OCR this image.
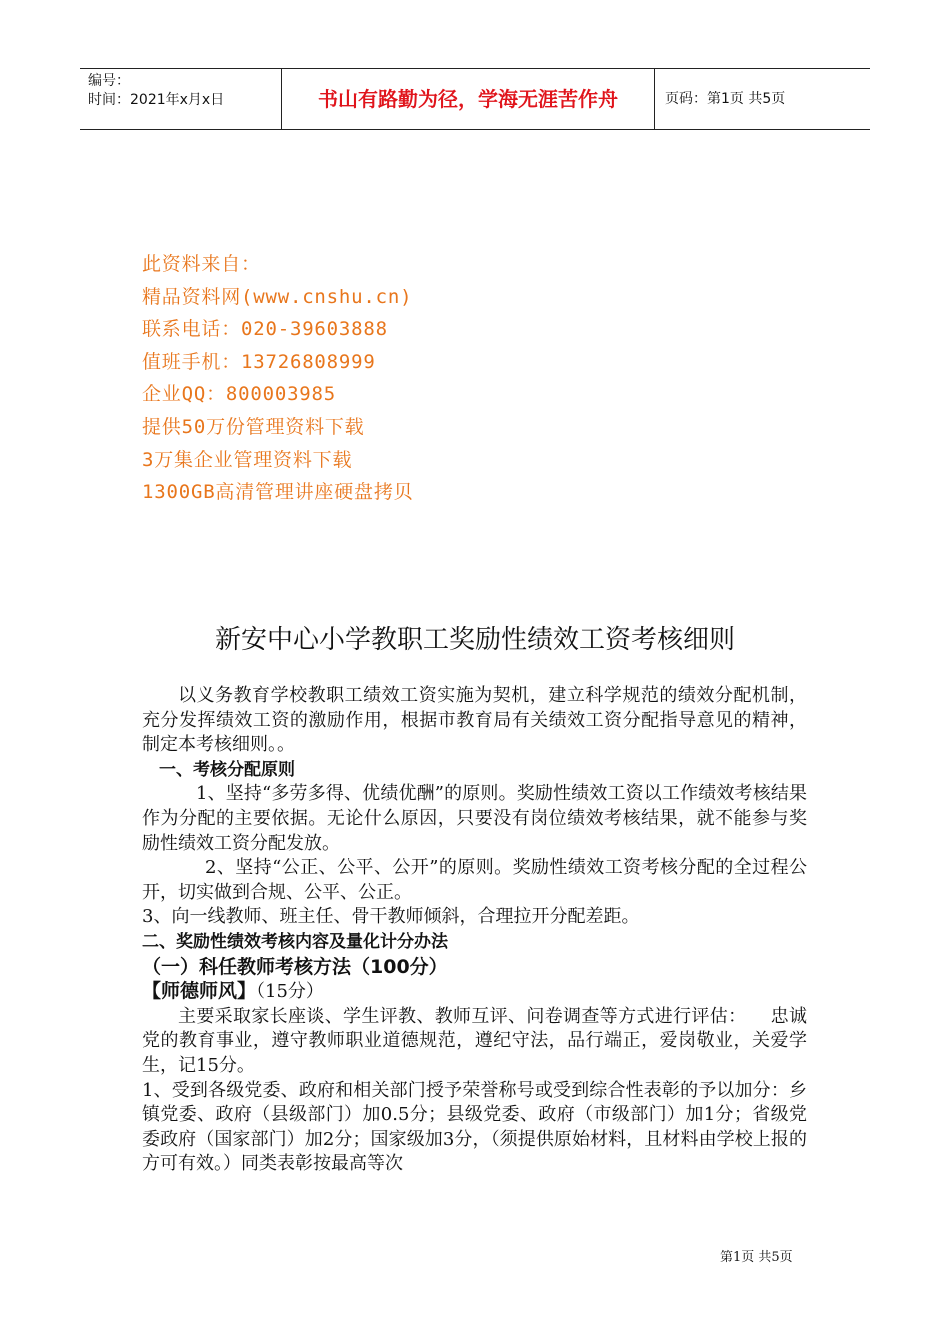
编号：
时间：2021年x月x日	书山有路勤为径，学海无涯苦作舟	页码：第1页 共5页
此资料来自：
精品资料网(www.cnshu.cn)
联系电话：020-39603888
值班手机：13726808999
企业QQ：800003985
提供50万份管理资料下载
3万集企业管理资料下载
1300GB高清管理讲座硬盘拷贝
新安中心小学教职工奖励性绩效工资考核细则

以义务教育学校教职工绩效工资实施为契机，建立科学规范的绩效分配机制，充分发挥绩效工资的激励作用，根据市教育局有关绩效工资分配指导意见的精神，制定本考核细则。。

一、考核分配原则

1、坚持“多劳多得、优绩优酬”的原则。奖励性绩效工资以工作绩效考核结果作为分配的主要依据。无论什么原因，只要没有岗位绩效考核结果，就不能参与奖励性绩效工资分配发放。

2、坚持“公正、公平、公开”的原则。奖励性绩效工资考核分配的全过程公开，切实做到合规、公平、公正。

3、向一线教师、班主任、骨干教师倾斜，合理拉开分配差距。

二、奖励性绩效考核内容及量化计分办法

（一）科任教师考核方法（100分）

【师德师风】（15分）

主要采取家长座谈、学生评教、教师互评、问卷调查等方式进行评估： 忠诚党的教育事业，遵守教师职业道德规范，遵纪守法，品行端正，爱岗敬业，关爱学生，记15分。

1、受到各级党委、政府和相关部门授予荣誉称号或受到综合性表彰的予以加分：乡镇党委、政府（县级部门）加0.5分；县级党委、政府（市级部门）加1分；省级党委政府（国家部门）加2分；国家级加3分，（须提供原始材料，且材料由学校上报的方可有效。）同类表彰按最高等次

第1页 共5页
